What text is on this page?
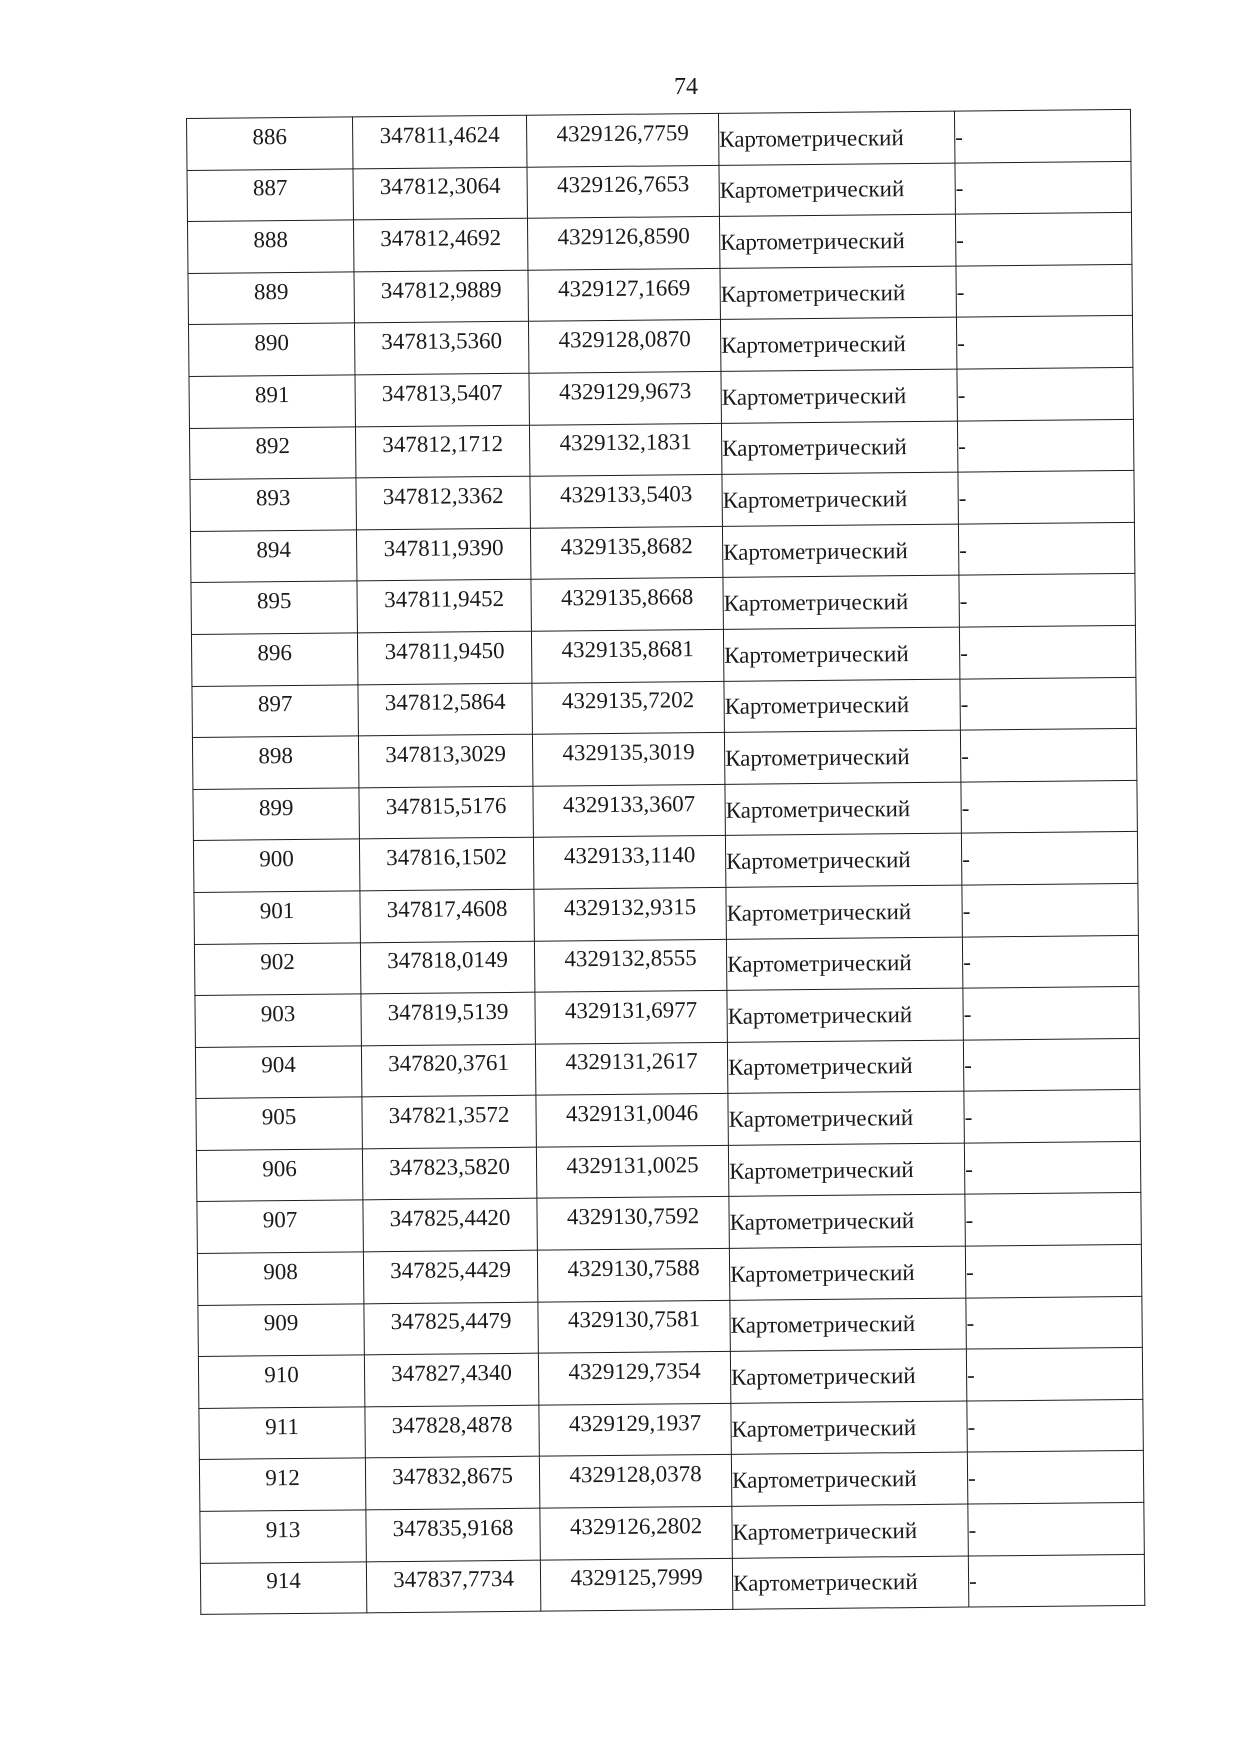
74
886	347811,4624	4329126,7759	Картометрический	-
887	347812,3064	4329126,7653	Картометрический	-
888	347812,4692	4329126,8590	Картометрический	-
889	347812,9889	4329127,1669	Картометрический	-
890	347813,5360	4329128,0870	Картометрический	-
891	347813,5407	4329129,9673	Картометрический	-
892	347812,1712	4329132,1831	Картометрический	-
893	347812,3362	4329133,5403	Картометрический	-
894	347811,9390	4329135,8682	Картометрический	-
895	347811,9452	4329135,8668	Картометрический	-
896	347811,9450	4329135,8681	Картометрический	-
897	347812,5864	4329135,7202	Картометрический	-
898	347813,3029	4329135,3019	Картометрический	-
899	347815,5176	4329133,3607	Картометрический	-
900	347816,1502	4329133,1140	Картометрический	-
901	347817,4608	4329132,9315	Картометрический	-
902	347818,0149	4329132,8555	Картометрический	-
903	347819,5139	4329131,6977	Картометрический	-
904	347820,3761	4329131,2617	Картометрический	-
905	347821,3572	4329131,0046	Картометрический	-
906	347823,5820	4329131,0025	Картометрический	-
907	347825,4420	4329130,7592	Картометрический	-
908	347825,4429	4329130,7588	Картометрический	-
909	347825,4479	4329130,7581	Картометрический	-
910	347827,4340	4329129,7354	Картометрический	-
911	347828,4878	4329129,1937	Картометрический	-
912	347832,8675	4329128,0378	Картометрический	-
913	347835,9168	4329126,2802	Картометрический	-
914	347837,7734	4329125,7999	Картометрический	-
